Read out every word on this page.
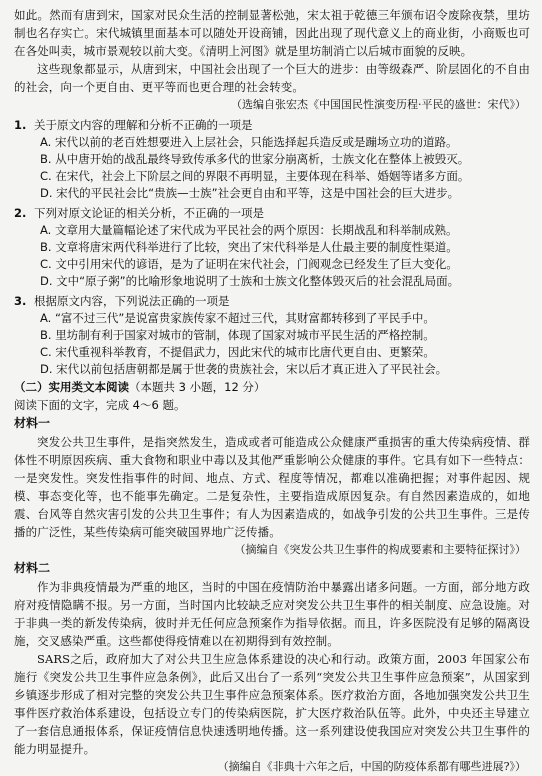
如此。然而有唐到宋，国家对民众生活的控制显著松弛，宋太祖于乾德三年颁布诏令废除夜禁，里坊制也名存实亡。宋代城镇里面基本可以随处开设商铺，因此出现了现代意义上的商业街，小商贩也可在各处叫卖，城市景观较以前大变。《清明上河图》就是里坊制消亡以后城市面貌的反映。

这些现象都显示，从唐到宋，中国社会出现了一个巨大的进步：由等级森严、阶层固化的不自由的社会，向一个更自由、更平等而也更合理的社会转变。

（选编自张宏杰《中国国民性演变历程·平民的盛世：宋代》）

1. 关于原文内容的理解和分析不正确的一项是

A. 宋代以前的老百姓想要进入上层社会，只能选择起兵造反或是蹦场立功的道路。

B. 从中唐开始的战乱最终导致传承多代的世家分崩离析，士族文化在整体上被毁灭。

C. 在宋代，社会上下阶层之间的界限不再明显，主要体现在科举、婚姻等诸多方面。

D. 宋代的平民社会比“贵族—士族”社会更自由和平等，这是中国社会的巨大进步。

2. 下列对原文论证的相关分析，不正确的一项是

A. 文章用大量篇幅论述了宋代成为平民社会的两个原因：长期战乱和科举制成熟。

B. 文章将唐宋两代科举进行了比较，突出了宋代科举是人仕最主要的制度性渠道。

C. 文中引用宋代的谚语，是为了证明在宋代社会，门阀观念已经发生了巨大变化。

D. 文中“原子粥”的比喻形象地说明了士族和士族文化整体毁灭后的社会混乱局面。

3. 根据原文内容，下列说法正确的一项是

A. “富不过三代”是说富贵家族传家不超过三代，其财富都转移到了平民手中。

B. 里坊制有利于国家对城市的管制，体现了国家对城市平民生活的严格控制。

C. 宋代重视科举教育，不提倡武力，因此宋代的城市比唐代更自由、更繁荣。

D. 宋代以前包括唐朝都是属于世袭的贵族社会，宋以后才真正进入了平民社会。

（二）实用类文本阅读（本题共 3 小题，12 分）

阅读下面的文字，完成 4～6 题。

材料一

突发公共卫生事件，是指突然发生，造成或者可能造成公众健康严重损害的重大传染病疫情、群体性不明原因疾病、重大食物和职业中毒以及其他严重影响公众健康的事件。它具有如下一些特点：一是突发性。突发性指事件的时间、地点、方式、程度等情况，都难以准确把握；对事件起因、规模、事态变化等，也不能事先确定。二是复杂性，主要指造成原因复杂。有自然因素造成的，如地震、台风等自然灾害引发的公共卫生事件；有人为因素造成的，如战争引发的公共卫生事件。三是传播的广泛性，某些传染病可能突破国界地广泛传播。

（摘编自《突发公共卫生事件的构成要素和主要特征探讨》）

材料二

作为非典疫情最为严重的地区，当时的中国在疫情防治中暴露出诸多问题。一方面，部分地方政府对疫情隐瞒不报。另一方面，当时国内比较缺乏应对突发公共卫生事件的相关制度、应急设施。对于非典一类的新发传染病，彼时并无任何应急预案作为指导依据。而且，许多医院没有足够的隔离设施，交叉感染严重。这些都使得疫情难以在初期得到有效控制。

SARS之后，政府加大了对公共卫生应急体系建设的决心和行动。政策方面，2003 年国家公布施行《突发公共卫生事件应急条例》，此后又出台了一系列“突发公共卫生事件应急预案”，从国家到乡镇逐步形成了相对完整的突发公共卫生事件应急预案体系。医疗救治方面，各地加强突发公共卫生事件医疗救治体系建设，包括设立专门的传染病医院，扩大医疗救治队伍等。此外，中央还主导建立了一套信息通报体系，保证疫情信息快速透明地传播。这一系列建设使我国应对突发公共卫生事件的能力明显提升。

（摘编自《非典十六年之后，中国的防疫体系都有哪些进展?》）
